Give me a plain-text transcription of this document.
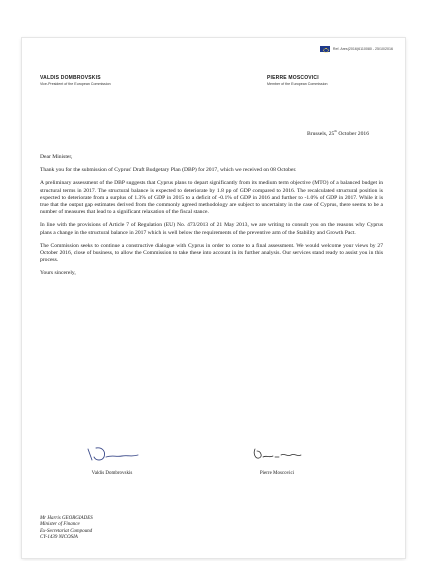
Ref. Ares(2016)6110080 - 25/10/2016
VALDIS DOMBROVSKIS
Vice-President of the European Commission
PIERRE MOSCOVICI
Member of the European Commission
Brussels, 25th October 2016

Dear Minister,

Thank you for the submission of Cyprus' Draft Budgetary Plan (DBP) for 2017, which we received on 08 October.

A preliminary assessment of the DBP suggests that Cyprus plans to depart significantly from its medium term objective (MTO) of a balanced budget in structural terms in 2017. The structural balance is expected to deteriorate by 1.8 pp of GDP compared to 2016. The recalculated structural position is expected to deteriorate from a surplus of 1.3% of GDP in 2015 to a deficit of -0.1% of GDP in 2016 and further to -1.0% of GDP in 2017. While it is true that the output gap estimates derived from the commonly agreed methodology are subject to uncertainty in the case of Cyprus, there seems to be a number of measures that lead to a significant relaxation of the fiscal stance.

In line with the provisions of Article 7 of Regulation (EU) No. 473/2013 of 21 May 2013, we are writing to consult you on the reasons why Cyprus plans a change in the structural balance in 2017 which is well below the requirements of the preventive arm of the Stability and Growth Pact.

The Commission seeks to continue a constructive dialogue with Cyprus in order to come to a final assessment. We would welcome your views by 27 October 2016, close of business, to allow the Commission to take these into account in its further analysis. Our services stand ready to assist you in this process.

Yours sincerely,

Valdis Dombrovskis	Pierre Moscovici
Mr Harris GEORGIADES
Minister of Finance
Ex-Secretariat Compound
CY-1439 NICOSIA
